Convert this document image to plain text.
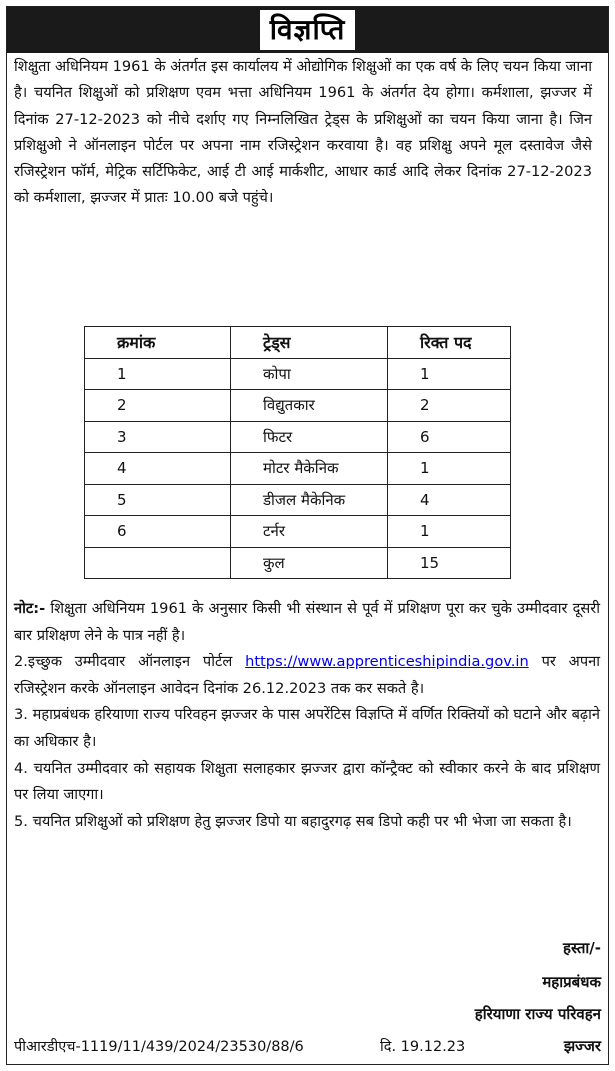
विज्ञप्ति
शिक्षुता अधिनियम 1961 के अंतर्गत इस कार्यालय में ओद्योगिक शिक्षुओं का एक वर्ष के लिए चयन किया जाना है। चयनित शिक्षुओं को प्रशिक्षण एवम भत्ता अधिनियम 1961 के अंतर्गत देय होगा। कर्मशाला, झज्जर में दिनांक 27-12-2023 को नीचे दर्शाए गए निम्नलिखित ट्रेड्स के प्रशिक्षुओं का चयन किया जाना है। जिन प्रशिक्षुओ ने ऑनलाइन पोर्टल पर अपना नाम रजिस्ट्रेशन करवाया है। वह प्रशिक्षु अपने मूल दस्तावेज जैसे रजिस्ट्रेशन फॉर्म, मेट्रिक सर्टिफिकेट, आई टी आई मार्कशीट, आधार कार्ड आदि लेकर दिनांक 27-12-2023 को कर्मशाला, झज्जर में प्रातः 10.00 बजे पहुंचे।
क्रमांक	ट्रेड्स	रिक्त पद
1	कोपा	1
2	विद्युतकार	2
3	फिटर	6
4	मोटर मैकेनिक	1
5	डीजल मैकेनिक	4
6	टर्नर	1
	कुल	15

नोट:- शिक्षुता अधिनियम 1961 के अनुसार किसी भी संस्थान से पूर्व में प्रशिक्षण पूरा कर चुके उम्मीदवार दूसरी बार प्रशिक्षण लेने के पात्र नहीं है।

2.इच्छुक उम्मीदवार ऑनलाइन पोर्टल https://www.apprenticeshipindia.gov.in पर अपना रजिस्ट्रेशन करके ऑनलाइन आवेदन दिनांक 26.12.2023 तक कर सकते है।

3. महाप्रबंधक हरियाणा राज्य परिवहन झज्जर के पास अपरेंटिस विज्ञप्ति में वर्णित रिक्तियों को घटाने और बढ़ाने का अधिकार है।

4. चयनित उम्मीदवार को सहायक शिक्षुता सलाहकार झज्जर द्वारा कॉन्ट्रैक्ट को स्वीकार करने के बाद प्रशिक्षण पर लिया जाएगा।

5. चयनित प्रशिक्षुओं को प्रशिक्षण हेतु झज्जर डिपो या बहादुरगढ़ सब डिपो कही पर भी भेजा जा सकता है।

हस्ता/-
महाप्रबंधक
हरियाणा राज्य परिवहन
पीआरडीएच-1119/11/439/2024/23530/88/6	दि. 19.12.23	झज्जर
